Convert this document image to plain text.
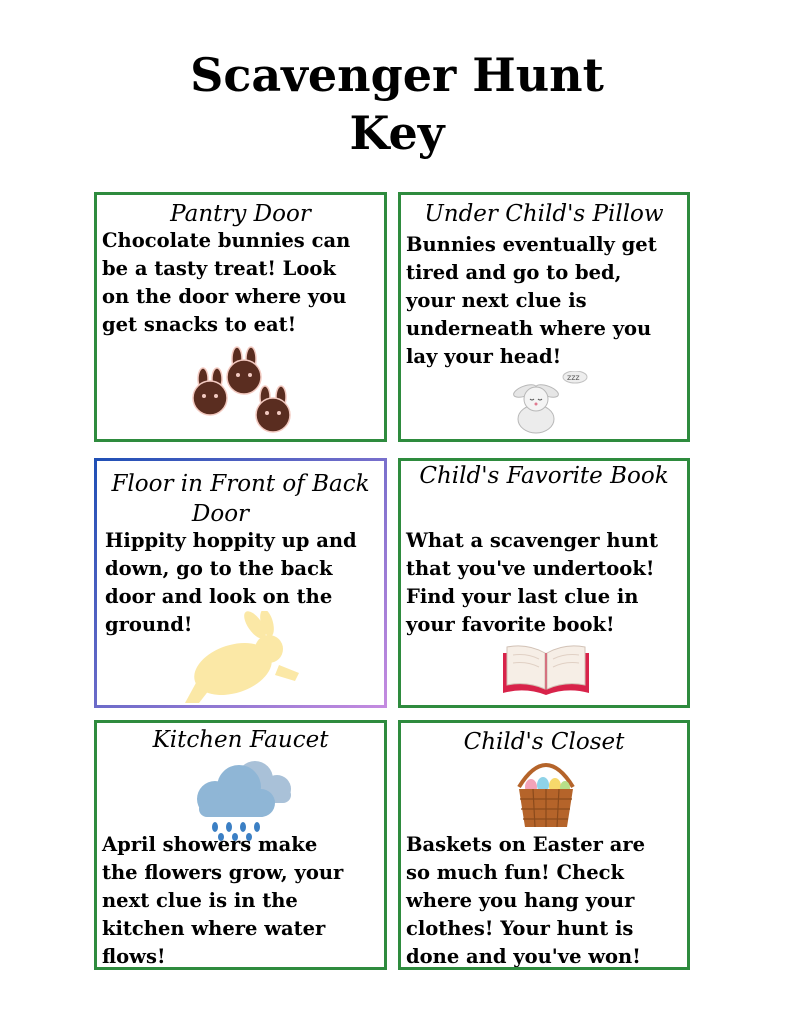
Scavenger Hunt
Key
Pantry Door
Chocolate bunnies can
be a tasty treat! Look
on the door where you
get snacks to eat!
Under Child's Pillow
Bunnies eventually get
tired and go to bed,
your next clue is
underneath where you
lay your head!
zzz
Floor in Front of Back
Door
Hippity hoppity up and
down, go to the back
door and look on the
ground!
Child's Favorite Book
What a scavenger hunt
that you've undertook!
Find your last clue in
your favorite book!
Kitchen Faucet
April showers make
the flowers grow, your
next clue is in the
kitchen where water
flows!
Child's Closet
Baskets on Easter are
so much fun! Check
where you hang your
clothes! Your hunt is
done and you've won!
